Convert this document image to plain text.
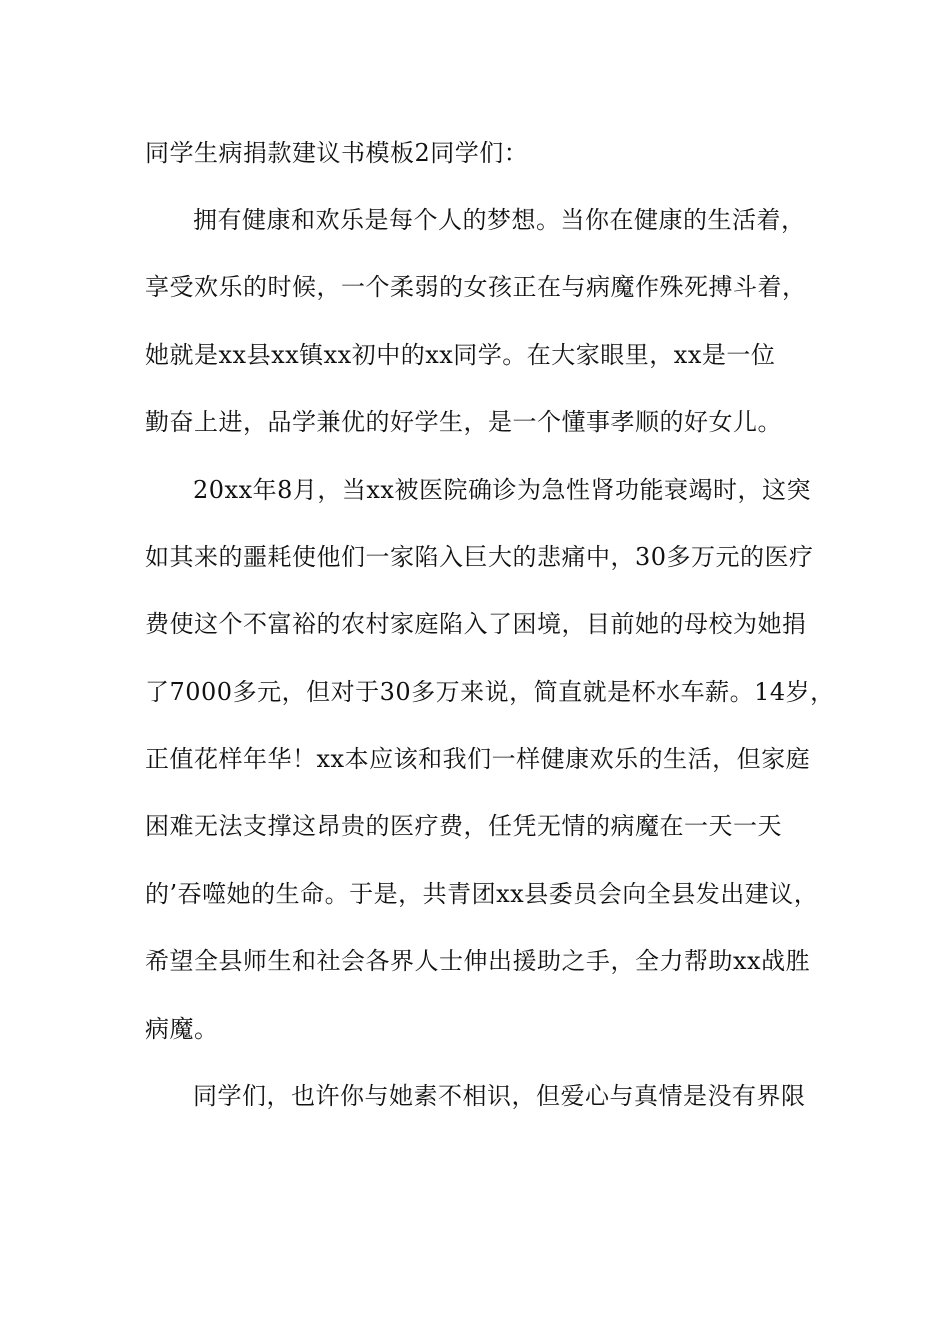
同学生病捐款建议书模板2同学们：
拥有健康和欢乐是每个人的梦想。当你在健康的生活着，
享受欢乐的时候，一个柔弱的女孩正在与病魔作殊死搏斗着，
她就是xx县xx镇xx初中的xx同学。在大家眼里，xx是一位
勤奋上进，品学兼优的好学生，是一个懂事孝顺的好女儿。
20xx年8月，当xx被医院确诊为急性肾功能衰竭时，这突
如其来的噩耗使他们一家陷入巨大的悲痛中，30多万元的医疗
费使这个不富裕的农村家庭陷入了困境，目前她的母校为她捐
了7000多元，但对于30多万来说，简直就是杯水车薪。14岁，
正值花样年华！xx本应该和我们一样健康欢乐的生活，但家庭
困难无法支撑这昂贵的医疗费，任凭无情的病魔在一天一天
的’吞噬她的生命。于是，共青团xx县委员会向全县发出建议，
希望全县师生和社会各界人士伸出援助之手，全力帮助xx战胜
病魔。
同学们，也许你与她素不相识，但爱心与真情是没有界限
